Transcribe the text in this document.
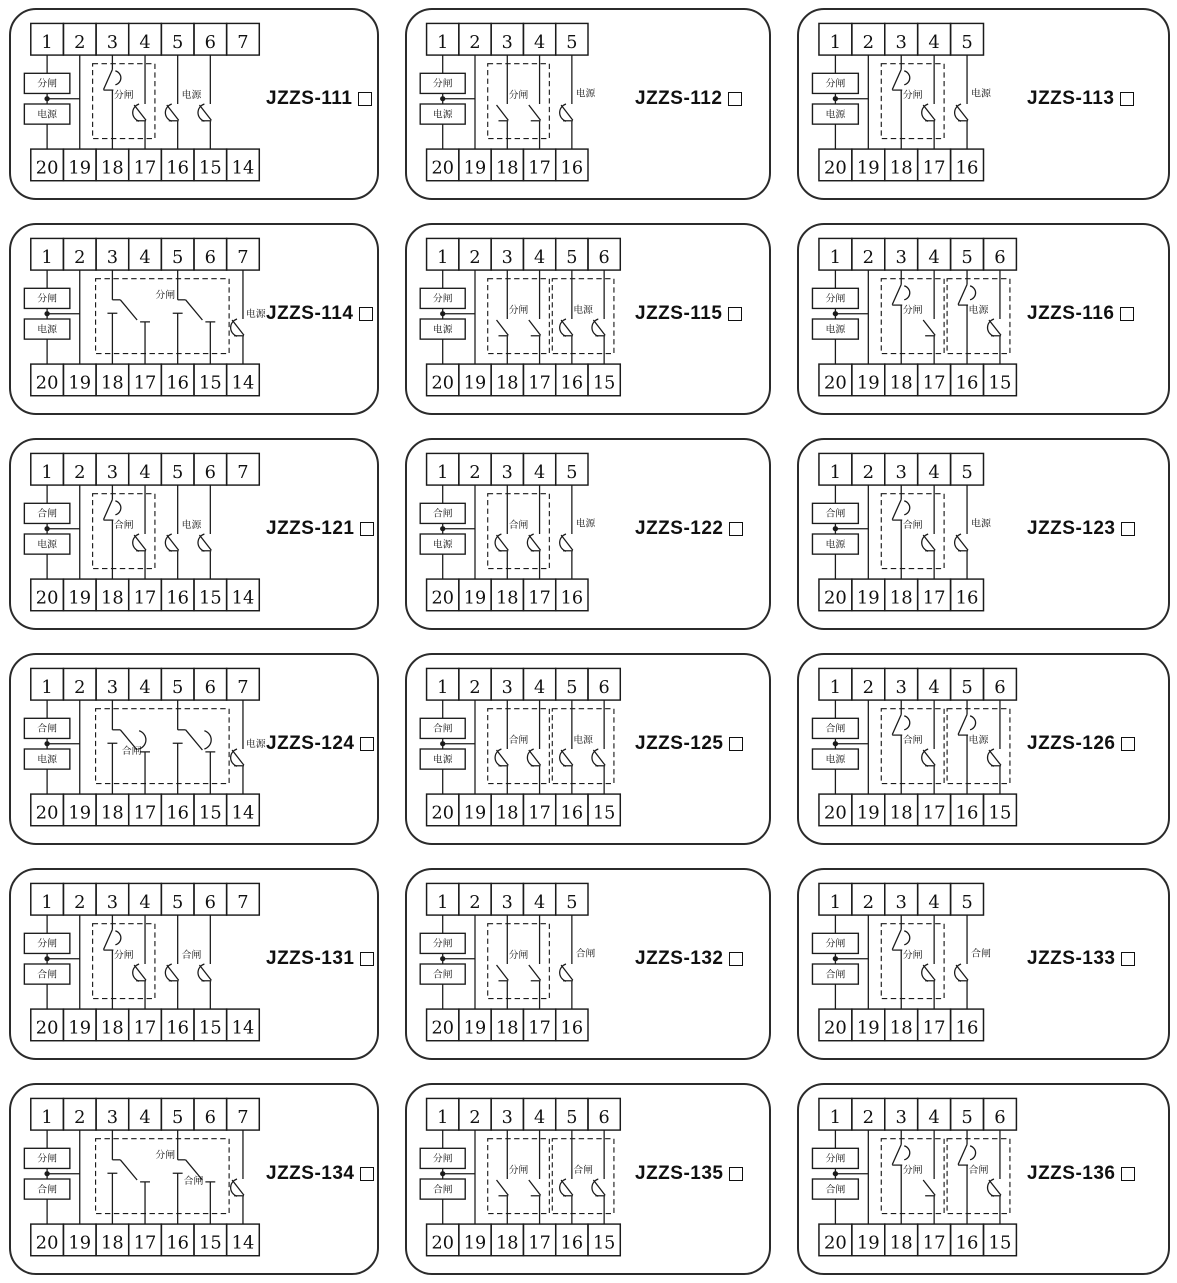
1
20
2
19
3
18
4
17
5
16
6
15
7
14
分闸
电源
分闸	电源	JZZS-111
1
20
2
19
3
18
4
17
5
16
分闸
电源
分闸	电源 JZZS-112
1
20
2
19
3
18
4
17
5
16
分闸
电源
分闸	电源 JZZS-113
1
20
2
19
3
18
4
17
5
16
6
15
7
14
分闸
电源
分闸
电源 JZZS-114
1
20
2
19
3
18
4
17
5
16
6
15
分闸
电源
分闸	电源 JZZS-115
1
20
2
19
3
18
4
17
5
16
6
15
分闸
电源
分闸	电源 JZZS-116
1
20
2
19
3
18
4
17
5
16
6
15
7
14
合闸
电源
合闸	电源	JZZS-121
1
20
2
19
3
18
4
17
5
16
合闸
电源
合闸	电源 JZZS-122
1
20
2
19
3
18
4
17
5
16
合闸
电源
合闸	电源 JZZS-123
1
20
2
19
3
18
4
17
5
16
6
15
7
14
合闸
电源
合闸
电源 JZZS-124
1
20
2
19
3
18
4
17
5
16
6
15
合闸
电源
合闸	电源 JZZS-125
1
20
2
19
3
18
4
17
5
16
6
15
合闸
电源
合闸	电源 JZZS-126
1
20
2
19
3
18
4
17
5
16
6
15
7
14
分闸
合闸
分闸	合闸	JZZS-131
1
20
2
19
3
18
4
17
5
16
分闸
合闸
分闸	合闸 JZZS-132
1
20
2
19
3
18
4
17
5
16
分闸
合闸
分闸	合闸 JZZS-133
1
20
2
19
3
18
4
17
5
16
6
15
7
14
分闸
合闸
分闸
合闸	JZZS-134
1
20
2
19
3
18
4
17
5
16
6
15
分闸
合闸
分闸	合闸 JZZS-135
1
20
2
19
3
18
4
17
5
16
6
15
分闸
合闸
分闸	合闸 JZZS-136
